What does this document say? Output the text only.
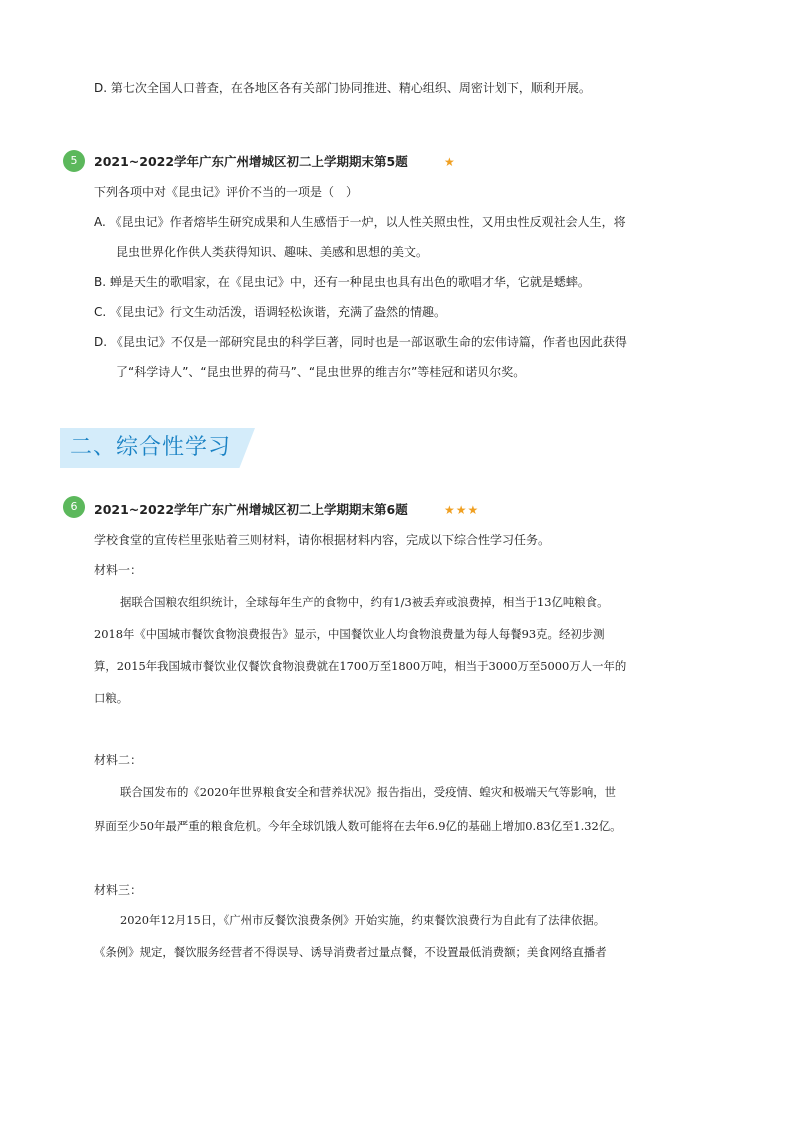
D. 第七次全国人口普查，在各地区各有关部门协同推进、精心组织、周密计划下，顺利开展。
5	2021~2022学年广东广州增城区初二上学期期末第5题	★
下列各项中对《昆虫记》评价不当的一项是（　）
A. 《昆虫记》作者熔毕生研究成果和人生感悟于一炉，以人性关照虫性，又用虫性反观社会人生，将
昆虫世界化作供人类获得知识、趣味、美感和思想的美文。
B. 蝉是天生的歌唱家，在《昆虫记》中，还有一种昆虫也具有出色的歌唱才华，它就是蟋蟀。
C. 《昆虫记》行文生动活泼，语调轻松诙谐，充满了盎然的情趣。
D. 《昆虫记》不仅是一部研究昆虫的科学巨著，同时也是一部讴歌生命的宏伟诗篇，作者也因此获得
了“科学诗人”、“昆虫世界的荷马”、“昆虫世界的维吉尔”等桂冠和诺贝尔奖。
二、综合性学习
6	2021~2022学年广东广州增城区初二上学期期末第6题	★★★
学校食堂的宣传栏里张贴着三则材料，请你根据材料内容，完成以下综合性学习任务。
材料一：
据联合国粮农组织统计，全球每年生产的食物中，约有1/3被丢弃或浪费掉，相当于13亿吨粮食。
2018年《中国城市餐饮食物浪费报告》显示，中国餐饮业人均食物浪费量为每人每餐93克。经初步测
算，2015年我国城市餐饮业仅餐饮食物浪费就在1700万至1800万吨，相当于3000万至5000万人一年的
口粮。
材料二：
联合国发布的《2020年世界粮食安全和营养状况》报告指出，受疫情、蝗灾和极端天气等影响，世
界面至少50年最严重的粮食危机。今年全球饥饿人数可能将在去年6.9亿的基础上增加0.83亿至1.32亿。
材料三：
2020年12月15日，《广州市反餐饮浪费条例》开始实施，约束餐饮浪费行为自此有了法律依据。
《条例》规定，餐饮服务经营者不得误导、诱导消费者过量点餐，不设置最低消费额；美食网络直播者
